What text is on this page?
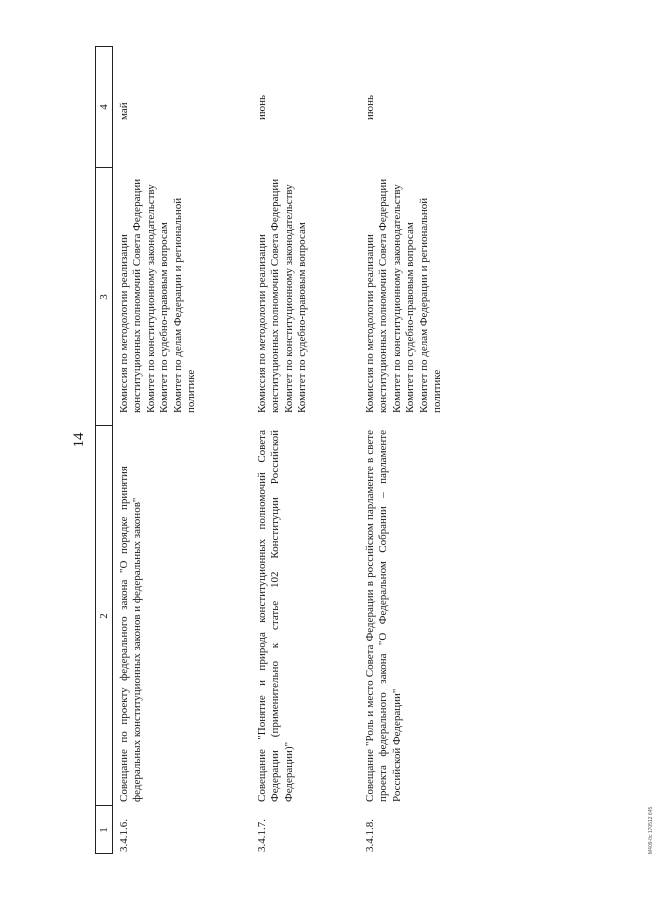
14
1
2
3
4
3.4.1.6.
Совещание по проекту федерального закона "О порядке принятия федеральных конституционных законов и федеральных законов"
Комиссия по методологии реализации конституционных полномочий Совета Федерации Комитет по конституционному законодательству Комитет по судебно-правовым вопросам Комитет по делам Федерации и региональной политике
май
3.4.1.7.
Совещание "Понятие и природа конституционных полномочий Совета Федерации (применительно к статье 102 Конституции Российской Федерации)"
Комиссия по методологии реализации конституционных полномочий Совета Федерации Комитет по конституционному законодательству Комитет по судебно-правовым вопросам
июнь
3.4.1.8.
Совещание "Роль и место Совета Федерации в российском парламенте в свете проекта федерального закона "О Федеральном Собрании – парламенте Российской Федерации"
Комиссия по методологии реализации конституционных полномочий Совета Федерации Комитет по конституционному законодательству Комитет по судебно-правовым вопросам Комитет по делам Федерации и региональной политике
июнь
М409-0с 170512 645
